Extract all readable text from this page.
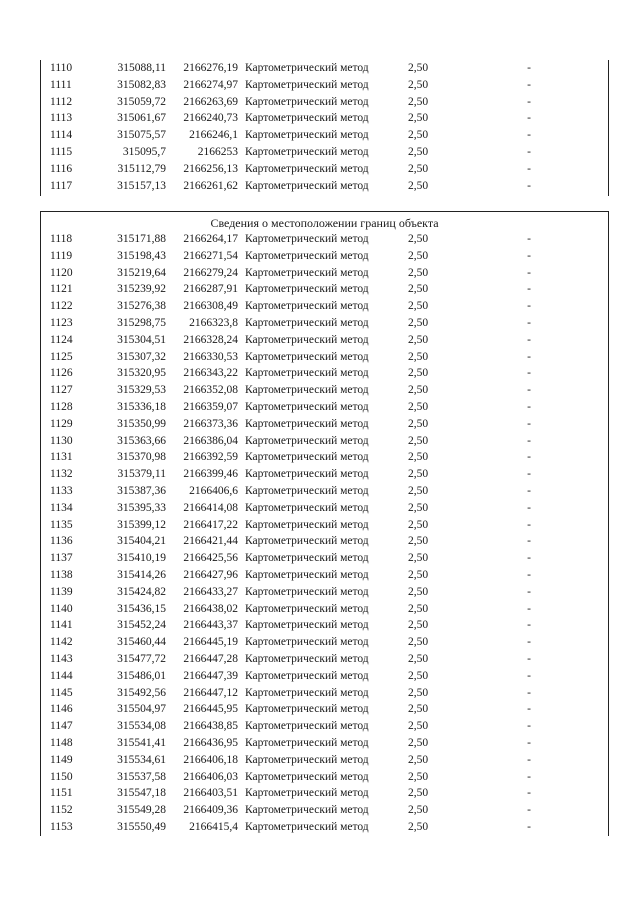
1110	315088,11	2166276,19 Картометрический метод	2,50	-
1111	315082,83	2166274,97 Картометрический метод	2,50	-
1112	315059,72	2166263,69 Картометрический метод	2,50	-
1113	315061,67	2166240,73 Картометрический метод	2,50	-
1114	315075,57	2166246,1 Картометрический метод	2,50	-
1115	315095,7	2166253 Картометрический метод	2,50	-
1116	315112,79	2166256,13 Картометрический метод	2,50	-
1117	315157,13	2166261,62 Картометрический метод	2,50	-
Сведения о местоположении границ объекта
1118	315171,88	2166264,17 Картометрический метод	2,50	-
1119	315198,43	2166271,54 Картометрический метод	2,50	-
1120	315219,64	2166279,24 Картометрический метод	2,50	-
1121	315239,92	2166287,91 Картометрический метод	2,50	-
1122	315276,38	2166308,49 Картометрический метод	2,50	-
1123	315298,75	2166323,8 Картометрический метод	2,50	-
1124	315304,51	2166328,24 Картометрический метод	2,50	-
1125	315307,32	2166330,53 Картометрический метод	2,50	-
1126	315320,95	2166343,22 Картометрический метод	2,50	-
1127	315329,53	2166352,08 Картометрический метод	2,50	-
1128	315336,18	2166359,07 Картометрический метод	2,50	-
1129	315350,99	2166373,36 Картометрический метод	2,50	-
1130	315363,66	2166386,04 Картометрический метод	2,50	-
1131	315370,98	2166392,59 Картометрический метод	2,50	-
1132	315379,11	2166399,46 Картометрический метод	2,50	-
1133	315387,36	2166406,6 Картометрический метод	2,50	-
1134	315395,33	2166414,08 Картометрический метод	2,50	-
1135	315399,12	2166417,22 Картометрический метод	2,50	-
1136	315404,21	2166421,44 Картометрический метод	2,50	-
1137	315410,19	2166425,56 Картометрический метод	2,50	-
1138	315414,26	2166427,96 Картометрический метод	2,50	-
1139	315424,82	2166433,27 Картометрический метод	2,50	-
1140	315436,15	2166438,02 Картометрический метод	2,50	-
1141	315452,24	2166443,37 Картометрический метод	2,50	-
1142	315460,44	2166445,19 Картометрический метод	2,50	-
1143	315477,72	2166447,28 Картометрический метод	2,50	-
1144	315486,01	2166447,39 Картометрический метод	2,50	-
1145	315492,56	2166447,12 Картометрический метод	2,50	-
1146	315504,97	2166445,95 Картометрический метод	2,50	-
1147	315534,08	2166438,85 Картометрический метод	2,50	-
1148	315541,41	2166436,95 Картометрический метод	2,50	-
1149	315534,61	2166406,18 Картометрический метод	2,50	-
1150	315537,58	2166406,03 Картометрический метод	2,50	-
1151	315547,18	2166403,51 Картометрический метод	2,50	-
1152	315549,28	2166409,36 Картометрический метод	2,50	-
1153	315550,49	2166415,4 Картометрический метод	2,50	-
